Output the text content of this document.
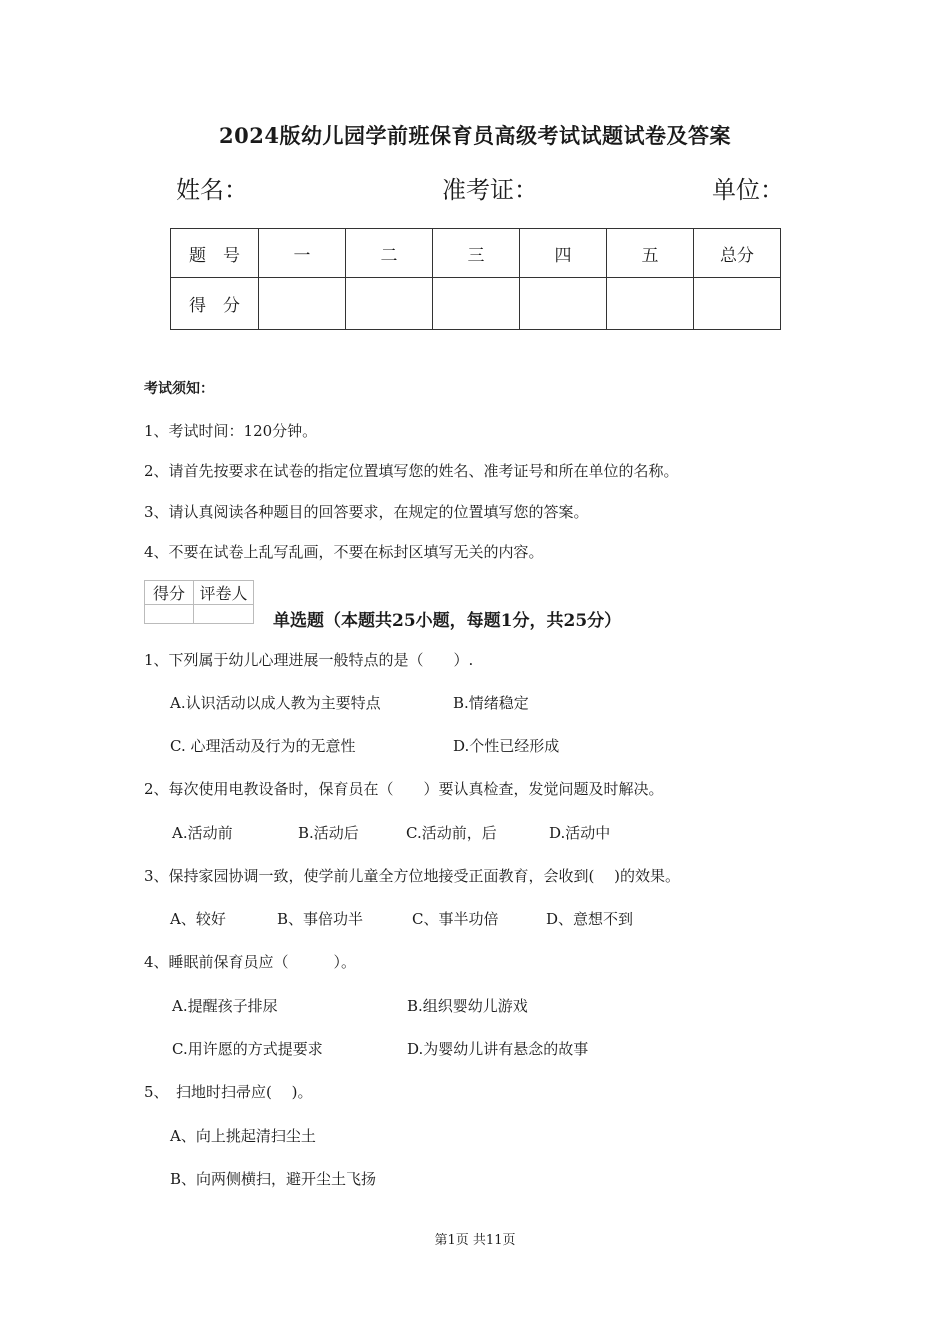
2024版幼儿园学前班保育员高级考试试题试卷及答案
姓名：	准考证：	单位：
题　号	一	二	三	四	五	总分
得　分						
考试须知：
1、考试时间：120分钟。
2、请首先按要求在试卷的指定位置填写您的姓名、准考证号和所在单位的名称。
3、请认真阅读各种题目的回答要求，在规定的位置填写您的答案。
4、不要在试卷上乱写乱画，不要在标封区填写无关的内容。
得分	评卷人

单选题（本题共25小题，每题1分，共25分）
1、下列属于幼儿心理进展一般特点的是（　　）.
A.认识活动以成人教为主要特点	B.情绪稳定
C. 心理活动及行为的无意性	D.个性已经形成
2、每次使用电教设备时，保育员在（　　）要认真检查，发觉问题及时解决。
A.活动前	B.活动后	C.活动前，后	D.活动中
3、保持家园协调一致，使学前儿童全方位地接受正面教育，会收到(　 )的效果。
A、较好	B、事倍功半	C、事半功倍	D、意想不到
4、睡眠前保育员应（　　　）。
A.提醒孩子排尿	B.组织婴幼儿游戏
C.用许愿的方式提要求	D.为婴幼儿讲有悬念的故事
5、　扫地时扫帚应(　 )。
A、向上挑起清扫尘土
B、向两侧横扫，避开尘土飞扬
第1页 共11页
